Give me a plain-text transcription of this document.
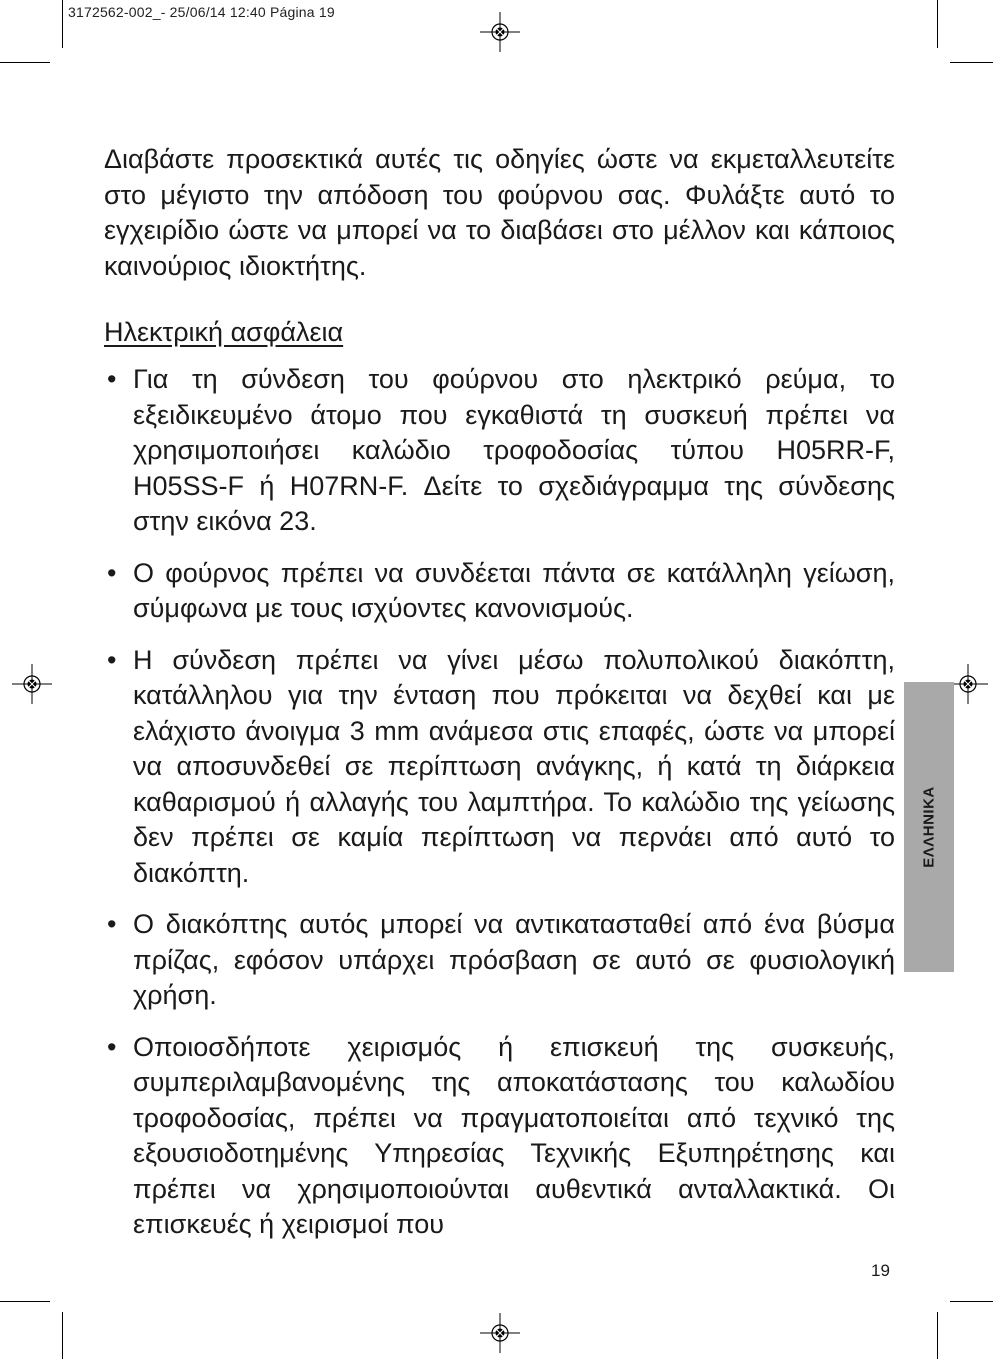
3172562-002_- 25/06/14 12:40 Página 19

Διαβάστε προσεκτικά αυτές τις οδηγίες ώστε να εκμεταλλευτείτε στο μέγιστο την απόδοση του φούρνου σας. Φυλάξτε αυτό το εγχειρίδιο ώστε να μπορεί να το διαβάσει στο μέλλον και κάποιος καινούριος ιδιοκτήτης.

Ηλεκτρική ασφάλεια
• Για τη σύνδεση του φούρνου στο ηλεκτρικό ρεύμα, το εξειδικευμένο άτομο που εγκαθιστά τη συσκευή πρέπει να χρησιμοποιήσει καλώδιο τροφοδοσίας τύπου H05RR-F, H05SS-F ή H07RN-F. Δείτε το σχεδιάγραμμα της σύνδεσης στην εικόνα 23.
• Ο φούρνος πρέπει να συνδέεται πάντα σε κατάλληλη γείωση, σύμφωνα με τους ισχύοντες κανονισμούς.
• Η σύνδεση πρέπει να γίνει μέσω πολυπολικού διακόπτη, κατάλληλου για την ένταση που πρόκειται να δεχθεί και με ελάχιστο άνοιγμα 3 mm ανάμεσα στις επαφές, ώστε να μπορεί να αποσυνδεθεί σε περίπτωση ανάγκης, ή κατά τη διάρκεια καθαρισμού ή αλλαγής του λαμπτήρα. Το καλώδιο της γείωσης δεν πρέπει σε καμία περίπτωση να περνάει από αυτό το διακόπτη.
• Ο διακόπτης αυτός μπορεί να αντικατασταθεί από ένα βύσμα πρίζας, εφόσον υπάρχει πρόσβαση σε αυτό σε φυσιολογική χρήση.
• Οποιοσδήποτε χειρισμός ή επισκευή της συσκευής, συμπεριλαμβανομένης της αποκατάστασης του καλωδίου τροφοδοσίας, πρέπει να πραγματοποιείται από τεχνικό της εξουσιοδοτημένης Υπηρεσίας Τεχνικής Εξυπηρέτησης και πρέπει να χρησιμοποιούνται αυθεντικά ανταλλακτικά. Οι επισκευές ή χειρισμοί που
ΕΛΛΗΝΙΚΑ
19
